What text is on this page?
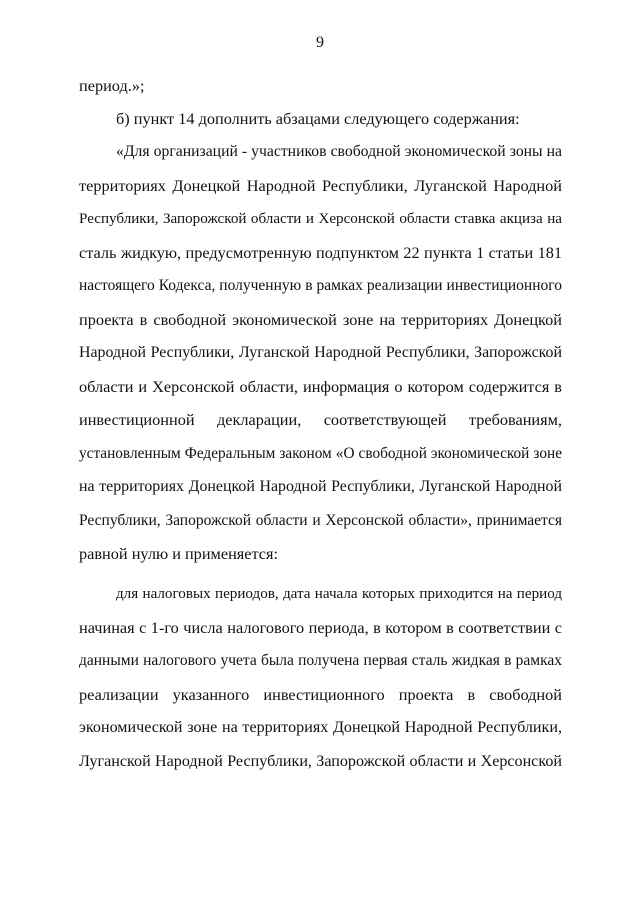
9
период.»;
б) пункт 14 дополнить абзацами следующего содержания:
«Для организаций - участников свободной экономической зоны на
территориях Донецкой Народной Республики, Луганской Народной
Республики, Запорожской области и Херсонской области ставка акциза на
сталь жидкую, предусмотренную подпунктом 22 пункта 1 статьи 181
настоящего Кодекса, полученную в рамках реализации инвестиционного
проекта в свободной экономической зоне на территориях Донецкой
Народной Республики, Луганской Народной Республики, Запорожской
области и Херсонской области, информация о котором содержится в
инвестиционной декларации, соответствующей требованиям,
установленным Федеральным законом «О свободной экономической зоне
на территориях Донецкой Народной Республики, Луганской Народной
Республики, Запорожской области и Херсонской области», принимается
равной нулю и применяется:
для налоговых периодов, дата начала которых приходится на период
начиная с 1-го числа налогового периода, в котором в соответствии с
данными налогового учета была получена первая сталь жидкая в рамках
реализации указанного инвестиционного проекта в свободной
экономической зоне на территориях Донецкой Народной Республики,
Луганской Народной Республики, Запорожской области и Херсонской
